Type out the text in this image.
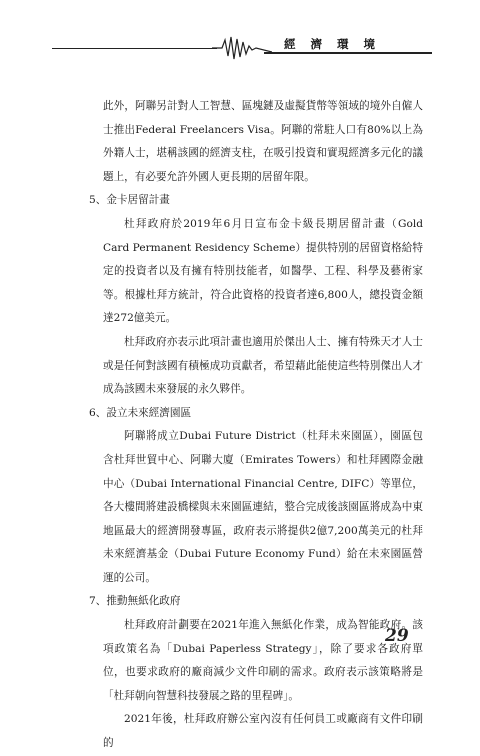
經濟環境

此外，阿聯另計對人工智慧、區塊鏈及虛擬貨幣等領域的境外自僱人士推出Federal Freelancers Visa。阿聯的常駐人口有80%以上為外籍人士，堪稱該國的經濟支柱，在吸引投資和實現經濟多元化的議題上，有必要允許外國人更長期的居留年限。

5、金卡居留計畫

杜拜政府於2019年6月日宣布金卡級長期居留計畫（Gold Card Permanent Residency Scheme）提供特別的居留資格給特定的投資者以及有擁有特別技能者，如醫學、工程、科學及藝術家等。根據杜拜方統計，符合此資格的投資者達6,800人，總投資金額達272億美元。

杜拜政府亦表示此項計畫也適用於傑出人士、擁有特殊天才人士或是任何對該國有積極成功貢獻者，希望藉此能使這些特別傑出人才成為該國未來發展的永久夥伴。

6、設立未來經濟園區

阿聯將成立Dubai Future District（杜拜未來園區），園區包含杜拜世貿中心、阿聯大廈（Emirates Towers）和杜拜國際金融中心（Dubai International Financial Centre, DIFC）等單位，各大樓間將建設橋樑與未來園區連結，整合完成後該園區將成為中東地區最大的經濟開發專區，政府表示將提供2億7,200萬美元的杜拜未來經濟基金（Dubai Future Economy Fund）給在未來園區營運的公司。

7、推動無紙化政府

杜拜政府計劃要在2021年進入無紙化作業，成為智能政府。該項政策名為「Dubai Paperless Strategy」，除了要求各政府單位，也要求政府的廠商減少文件印刷的需求。政府表示該策略將是「杜拜朝向智慧科技發展之路的里程碑」。

2021年後，杜拜政府辦公室內沒有任何員工或廠商有文件印刷的

29
